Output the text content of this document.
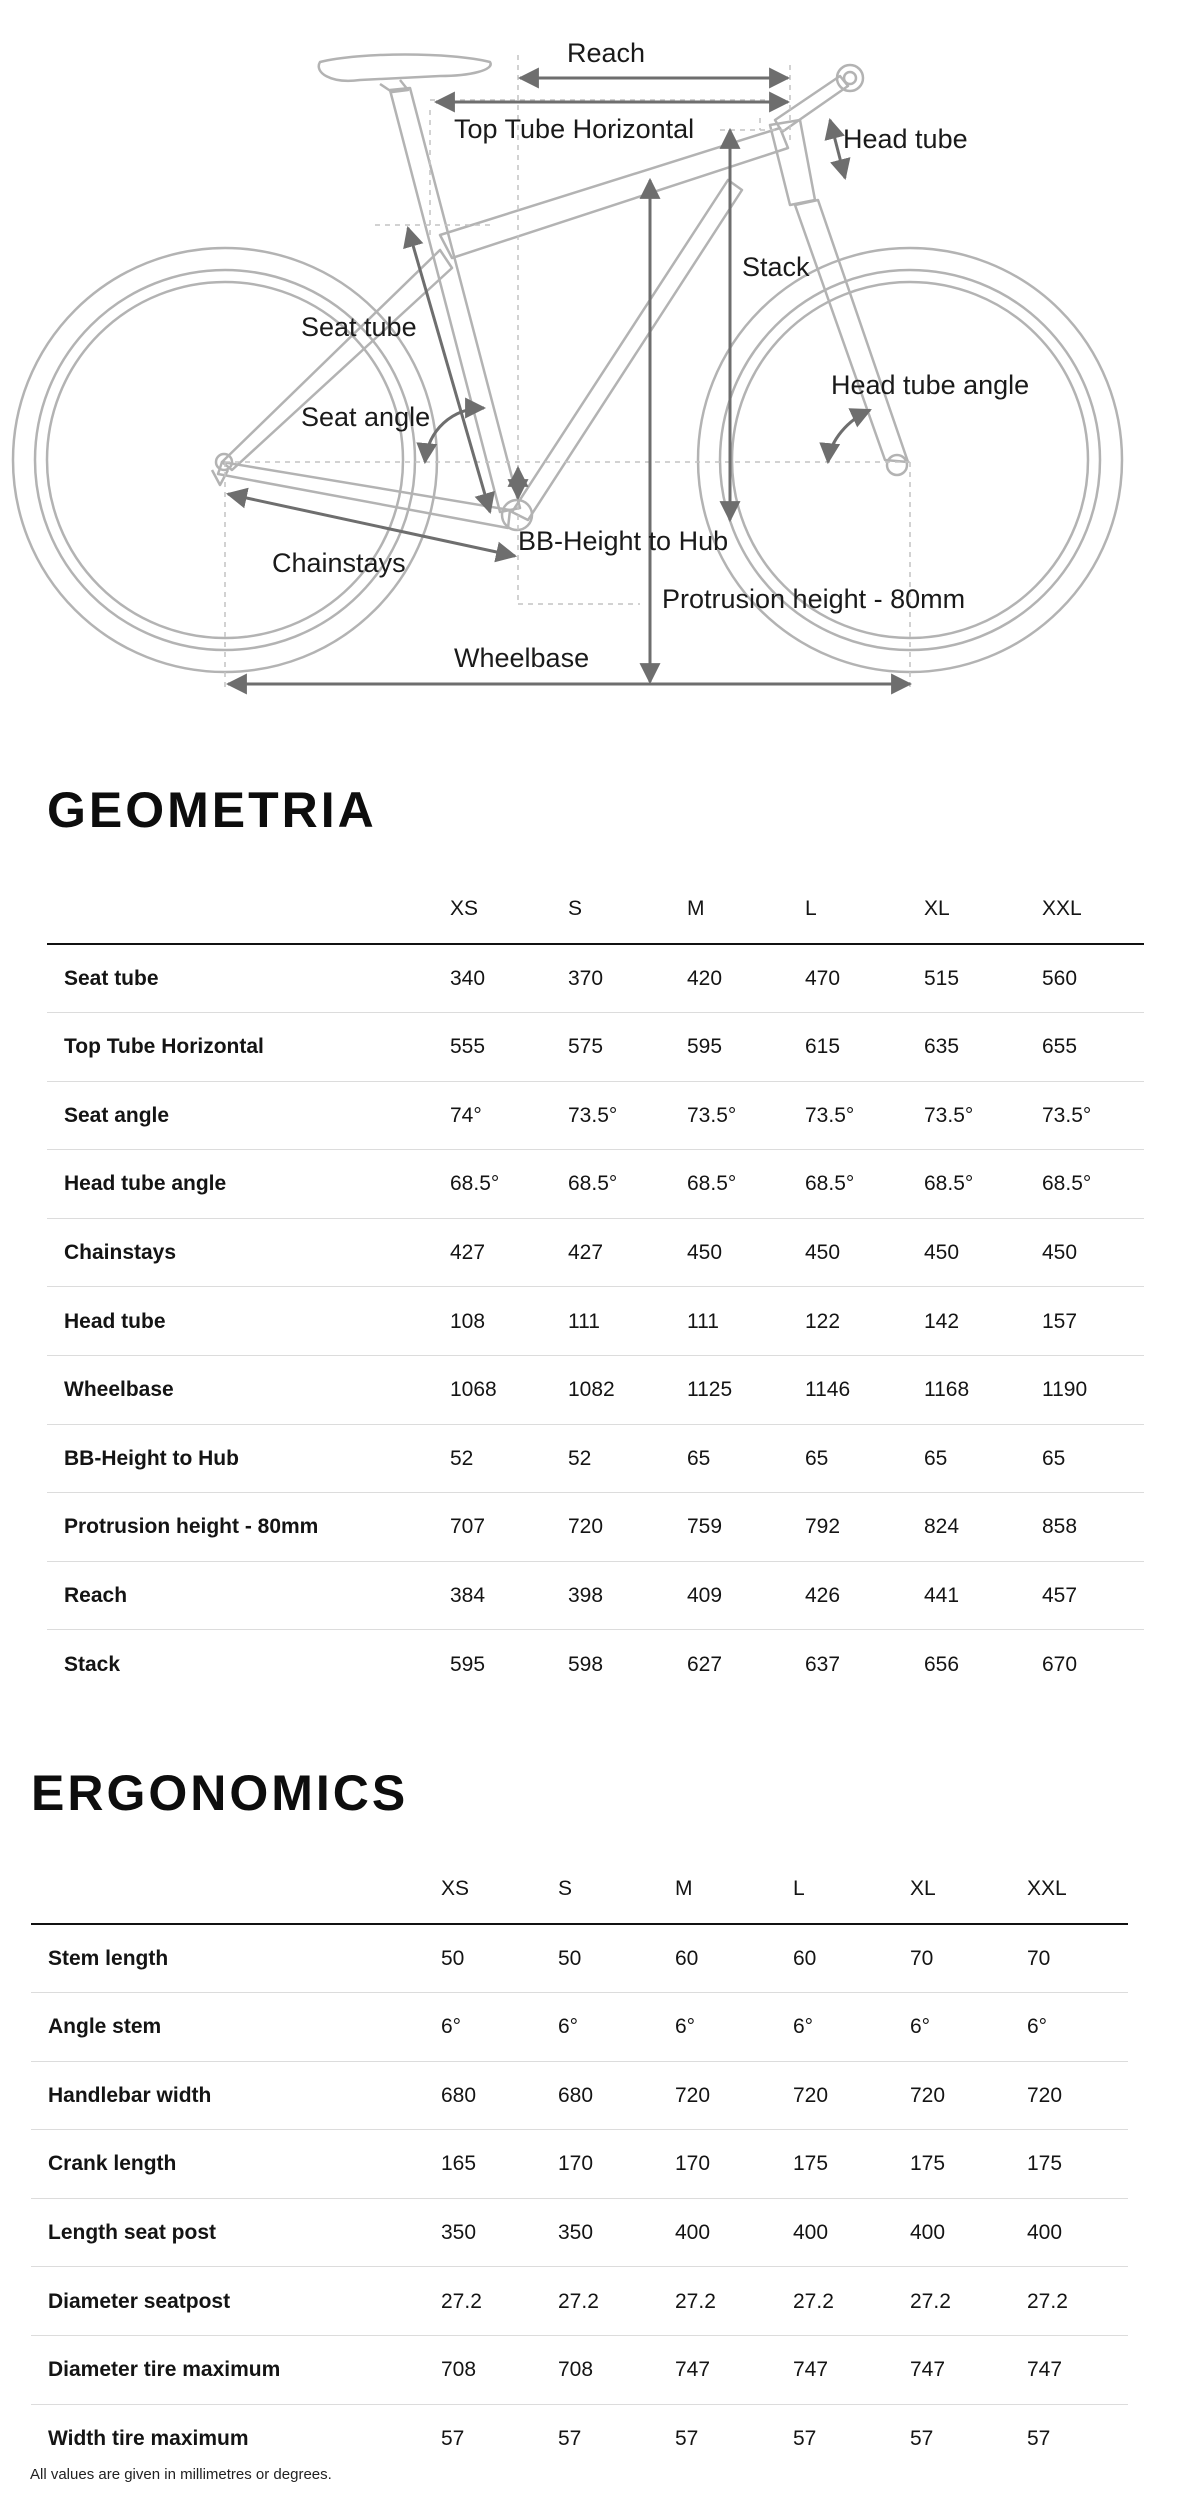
Reach
Top Tube Horizontal	Head tube
Stack
Seat tube
Head tube angle
Seat angle
BB-Height to Hub
Chainstays
Protrusion height - 80mm
Wheelbase
GEOMETRIA
XS	S	M	L	XL	XXL
Seat tube	340	370	420	470	515	560
Top Tube Horizontal	555	575	595	615	635	655
Seat angle	74°	73.5°	73.5°	73.5°	73.5°	73.5°
Head tube angle	68.5°	68.5°	68.5°	68.5°	68.5°	68.5°
Chainstays	427	427	450	450	450	450
Head tube	108	111	111	122	142	157
Wheelbase	1068	1082	1125	1146	1168	1190
BB-Height to Hub	52	52	65	65	65	65
Protrusion height - 80mm	707	720	759	792	824	858
Reach	384	398	409	426	441	457
Stack	595	598	627	637	656	670
ERGONOMICS
XS	S	M	L	XL	XXL
Stem length	50	50	60	60	70	70
Angle stem	6°	6°	6°	6°	6°	6°
Handlebar width	680	680	720	720	720	720
Crank length	165	170	170	175	175	175
Length seat post	350	350	400	400	400	400
Diameter seatpost	27.2	27.2	27.2	27.2	27.2	27.2
Diameter tire maximum	708	708	747	747	747	747
Width tire maximum	57	57	57	57	57	57
All values are given in millimetres or degrees.
